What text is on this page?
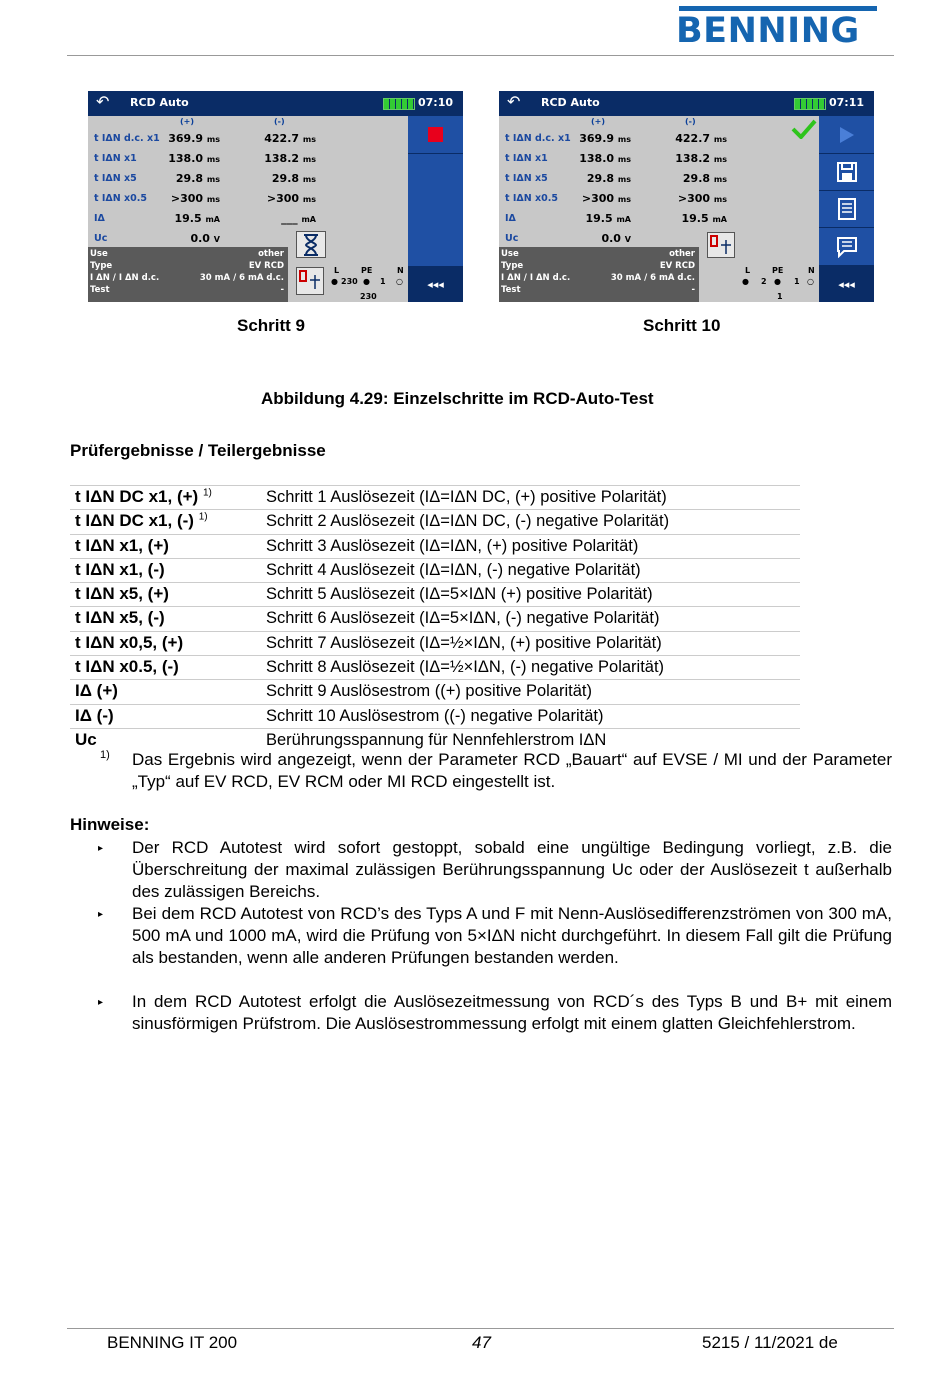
BENNING
↶ RCD Auto	07:10
(+)	(-)
t IΔN d.c. x1 369.9 ms	422.7 ms
t IΔN x1	138.0 ms	138.2 ms
t IΔN x5	29.8 ms	29.8 ms
t IΔN x0.5	>300 ms	>300 ms
IΔ	19.5 mA	___ mA
Uc	0.0 V
L	PE	N
● 230 ● 1 ○
230
Use	other
Type	EV RCD
I ΔN / I ΔN d.c.	30 mA / 6 mA d.c.
Test	-	◂◂◂
↶ RCD Auto	07:11
(+)	(-)
t IΔN d.c. x1 369.9 ms	422.7 ms
t IΔN x1	138.0 ms	138.2 ms
t IΔN x5	29.8 ms	29.8 ms
t IΔN x0.5	>300 ms	>300 ms
IΔ	19.5 mA	19.5 mA
Uc	0.0 V
L	PE	N
● 2 ● 1 ○
1
Use	other
Type	EV RCD
I ΔN / I ΔN d.c.	30 mA / 6 mA d.c.
Test	-	◂◂◂
Schritt 9	Schritt 10
Abbildung 4.29: Einzelschritte im RCD-Auto-Test
Prüfergebnisse / Teilergebnisse
t IΔN DC x1, (+) $^{1)}$	Schritt 1 Auslösezeit (IΔ=IΔN DC, (+) positive Polarität)
t IΔN DC x1, (-) $^{1)}$	Schritt 2 Auslösezeit (IΔ=IΔN DC, (-) negative Polarität)
t IΔN x1, (+)	Schritt 3 Auslösezeit (IΔ=IΔN, (+) positive Polarität)
t IΔN x1, (-)	Schritt 4 Auslösezeit (IΔ=IΔN, (-) negative Polarität)
t IΔN x5, (+)	Schritt 5 Auslösezeit (IΔ=5×IΔN (+) positive Polarität)
t IΔN x5, (-)	Schritt 6 Auslösezeit (IΔ=5×IΔN, (-) negative Polarität)
t IΔN x0,5, (+)	Schritt 7 Auslösezeit (IΔ=½×IΔN, (+) positive Polarität)
t IΔN x0.5, (-)	Schritt 8 Auslösezeit (IΔ=½×IΔN, (-) negative Polarität)
IΔ (+)	Schritt 9 Auslösestrom ((+) positive Polarität)
IΔ (-)	Schritt 10 Auslösestrom ((-) negative Polarität)
Uc	Berührungsspannung für Nennfehlerstrom IΔN
1) Das Ergebnis wird angezeigt, wenn der Parameter RCD „Bauart“ auf EVSE / MI und der Parameter „Typ“ auf EV RCD, EV RCM oder MI RCD eingestellt ist.
Hinweise:
▸ Der RCD Autotest wird sofort gestoppt, sobald eine ungültige Bedingung vorliegt, z.B. die Überschreitung der maximal zulässigen Berührungsspannung Uc oder der Auslösezeit t außerhalb des zulässigen Bereichs.
▸ Bei dem RCD Autotest von RCD’s des Typs A und F mit Nenn-Auslösedifferenzströmen von 300 mA, 500 mA und 1000 mA, wird die Prüfung von 5×IΔN nicht durchgeführt. In diesem Fall gilt die Prüfung als bestanden, wenn alle anderen Prüfungen bestanden werden.
▸ In dem RCD Autotest erfolgt die Auslösezeitmessung von RCD´s des Typs B und B+ mit einem sinusförmigen Prüfstrom. Die Auslösestrommessung erfolgt mit einem glatten Gleichfehlerstrom.
BENNING IT 200	47	5215 / 11/2021 de
